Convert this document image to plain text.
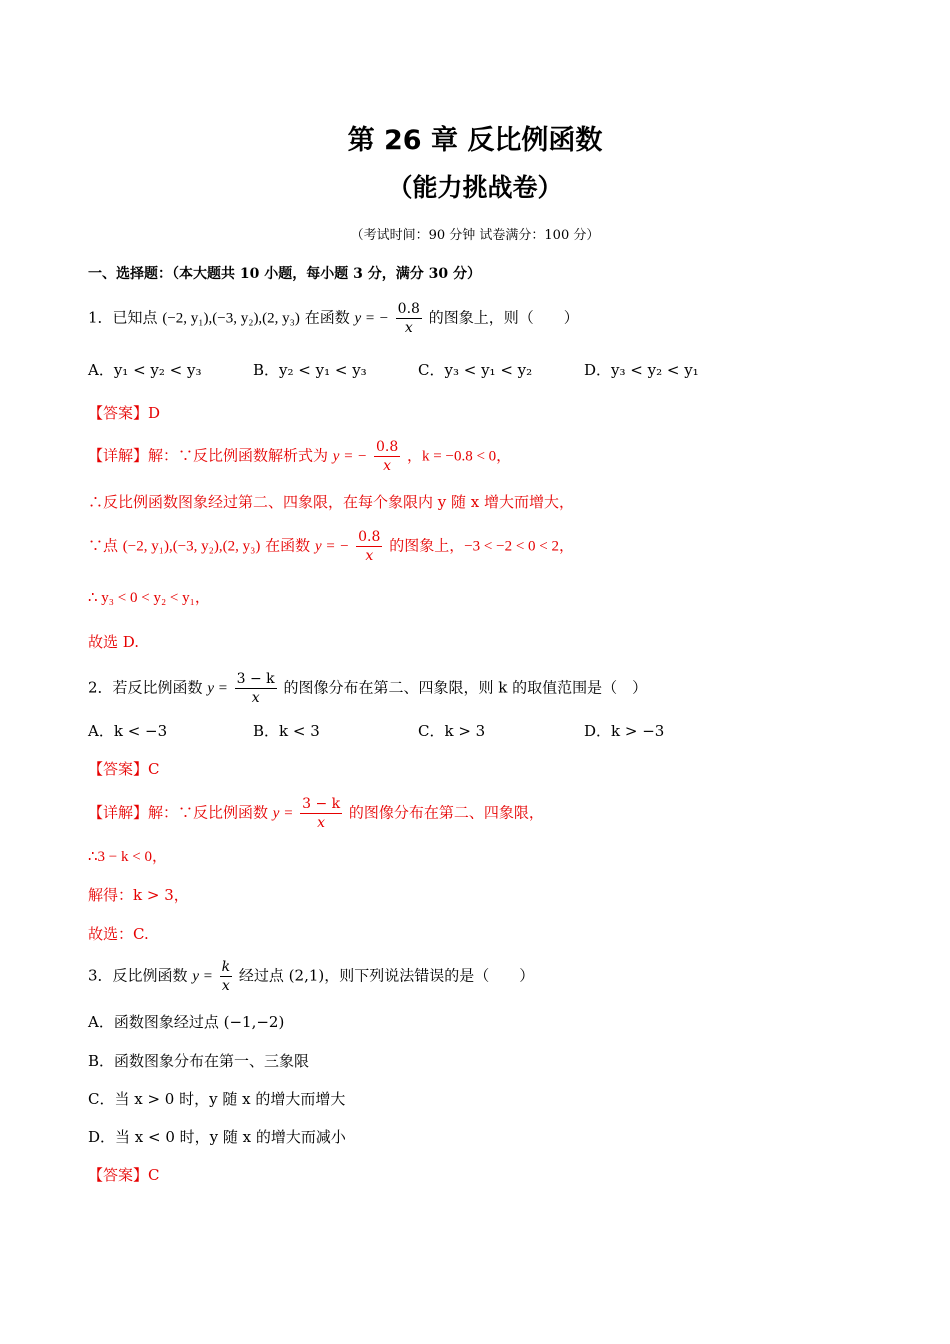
第 26 章 反比例函数
（能力挑战卷）
（考试时间：90 分钟 试卷满分：100 分）
一、选择题：（本大题共 10 小题，每小题 3 分，满分 30 分）
1．已知点 (−2, y₁),(−3, y₂),(2, y₃) 在函数 y = − $\frac{0.8}{x}$ 的图象上，则（　　）
A．y₁ < y₂ < y₃	B．y₂ < y₁ < y₃	C．y₃ < y₁ < y₂	D．y₃ < y₂ < y₁
【答案】D
【详解】解：∵反比例函数解析式为 y = − $\frac{0.8}{x}$ ，k = −0.8 < 0，
∴反比例函数图象经过第二、四象限，在每个象限内 y 随 x 增大而增大，
∵点 (−2, y₁),(−3, y₂),(2, y₃) 在函数 y = − $\frac{0.8}{x}$ 的图象上，−3 < −2 < 0 < 2，
∴ y₃ < 0 < y₂ < y₁，
故选 D.
2．若反比例函数 $y = \frac{3 - k}{x}$ 的图像分布在第二、四象限，则 k 的取值范围是（　）
A．k < −3	B．k < 3	C．k > 3	D．k > −3
【答案】C
【详解】解：∵反比例函数 $y = \frac{3 - k}{x}$ 的图像分布在第二、四象限，
∴3 − k < 0，
解得：k > 3，
故选：C.
3．反比例函数 $y = \frac{k}{x}$ 经过点 (2,1)，则下列说法错误的是（　　）
A．函数图象经过点 (−1,−2)
B．函数图象分布在第一、三象限
C．当 x > 0 时，y 随 x 的增大而增大
D．当 x < 0 时，y 随 x 的增大而减小
【答案】C
